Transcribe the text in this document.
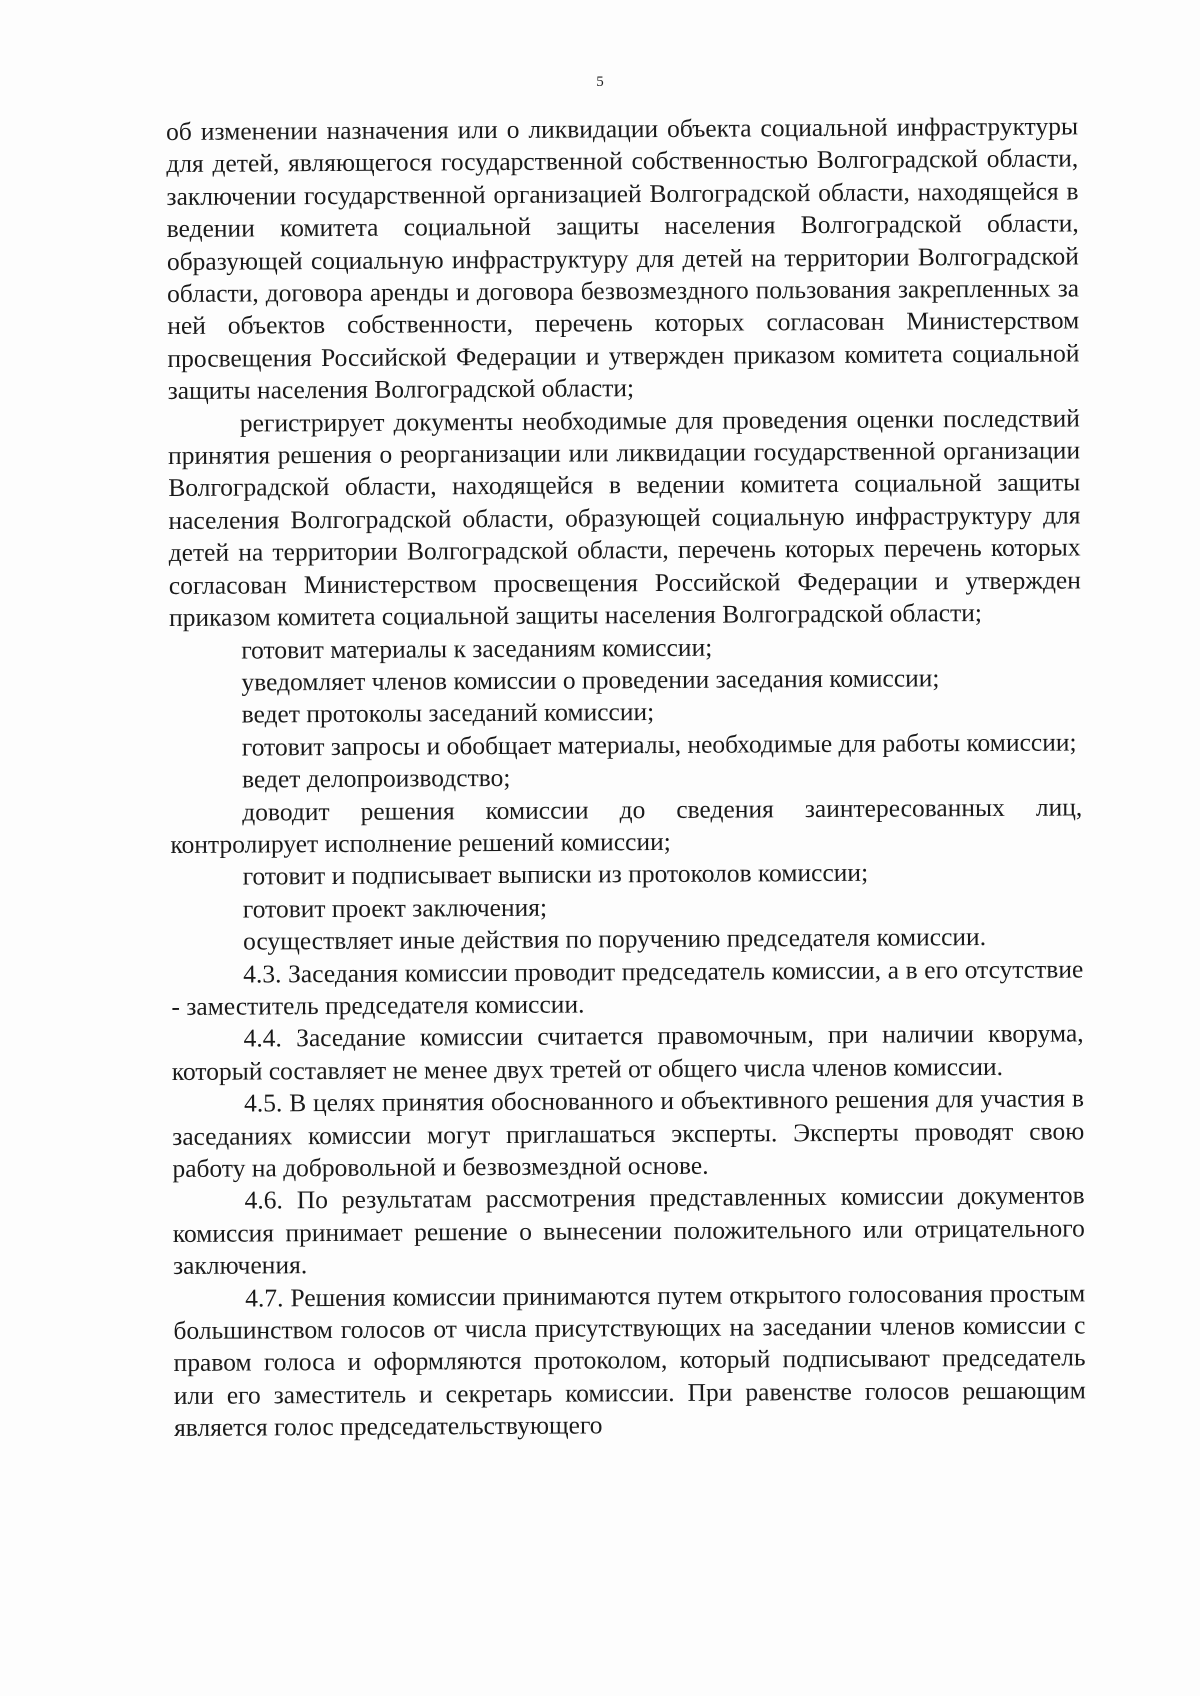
5

об изменении назначения или о ликвидации объекта социальной инфраструктуры для детей, являющегося государственной собственностью Волгоградской области, заключении государственной организацией Волгоградской области, находящейся в ведении комитета социальной защиты населения Волгоградской области, образующей социальную инфраструктуру для детей на территории Волгоградской области, договора аренды и договора безвозмездного пользования закрепленных за ней объектов собственности, перечень которых согласован Министерством просвещения Российской Федерации и утвержден приказом комитета социальной защиты населения Волгоградской области;

регистрирует документы необходимые для проведения оценки последствий принятия решения о реорганизации или ликвидации государственной организации Волгоградской области, находящейся в ведении комитета социальной защиты населения Волгоградской области, образующей социальную инфраструктуру для детей на территории Волгоградской области, перечень которых перечень которых согласован Министерством просвещения Российской Федерации и утвержден приказом комитета социальной защиты населения Волгоградской области;

готовит материалы к заседаниям комиссии;

уведомляет членов комиссии о проведении заседания комиссии;

ведет протоколы заседаний комиссии;

готовит запросы и обобщает материалы, необходимые для работы комиссии;

ведет делопроизводство;

доводит решения комиссии до сведения заинтересованных лиц, контролирует исполнение решений комиссии;

готовит и подписывает выписки из протоколов комиссии;

готовит проект заключения;

осуществляет иные действия по поручению председателя комиссии.

4.3. Заседания комиссии проводит председатель комиссии, а в его отсутствие - заместитель председателя комиссии.

4.4. Заседание комиссии считается правомочным, при наличии кворума, который составляет не менее двух третей от общего числа членов комиссии.

4.5. В целях принятия обоснованного и объективного решения для участия в заседаниях комиссии могут приглашаться эксперты. Эксперты проводят свою работу на добровольной и безвозмездной основе.

4.6. По результатам рассмотрения представленных комиссии документов комиссия принимает решение о вынесении положительного или отрицательного заключения.

4.7. Решения комиссии принимаются путем открытого голосования простым большинством голосов от числа присутствующих на заседании членов комиссии с правом голоса и оформляются протоколом, который подписывают председатель или его заместитель и секретарь комиссии. При равенстве голосов решающим является голос председательствующего
